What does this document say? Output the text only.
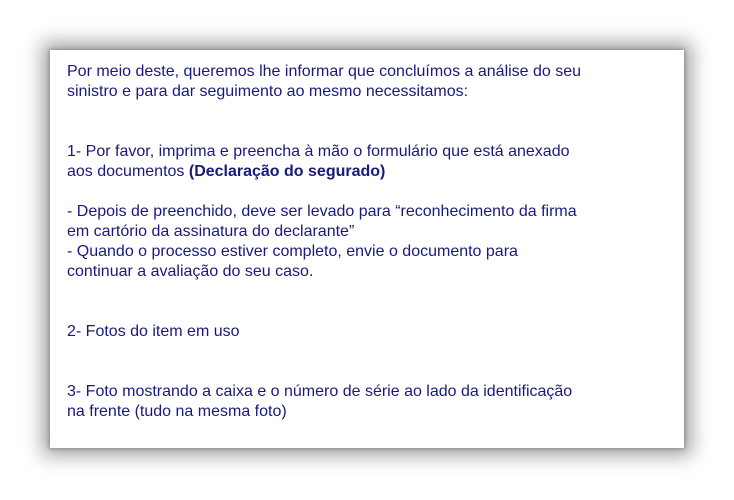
Por meio deste, queremos lhe informar que concluímos a análise do seu
sinistro e para dar seguimento ao mesmo necessitamos:

1- Por favor, imprima e preencha à mão o formulário que está anexado
aos documentos (Declaração do segurado)

- Depois de preenchido, deve ser levado para “reconhecimento da firma
em cartório da assinatura do declarante”
- Quando o processo estiver completo, envie o documento para
continuar a avaliação do seu caso.

2- Fotos do item em uso

3- Foto mostrando a caixa e o número de série ao lado da identificação
na frente (tudo na mesma foto)
